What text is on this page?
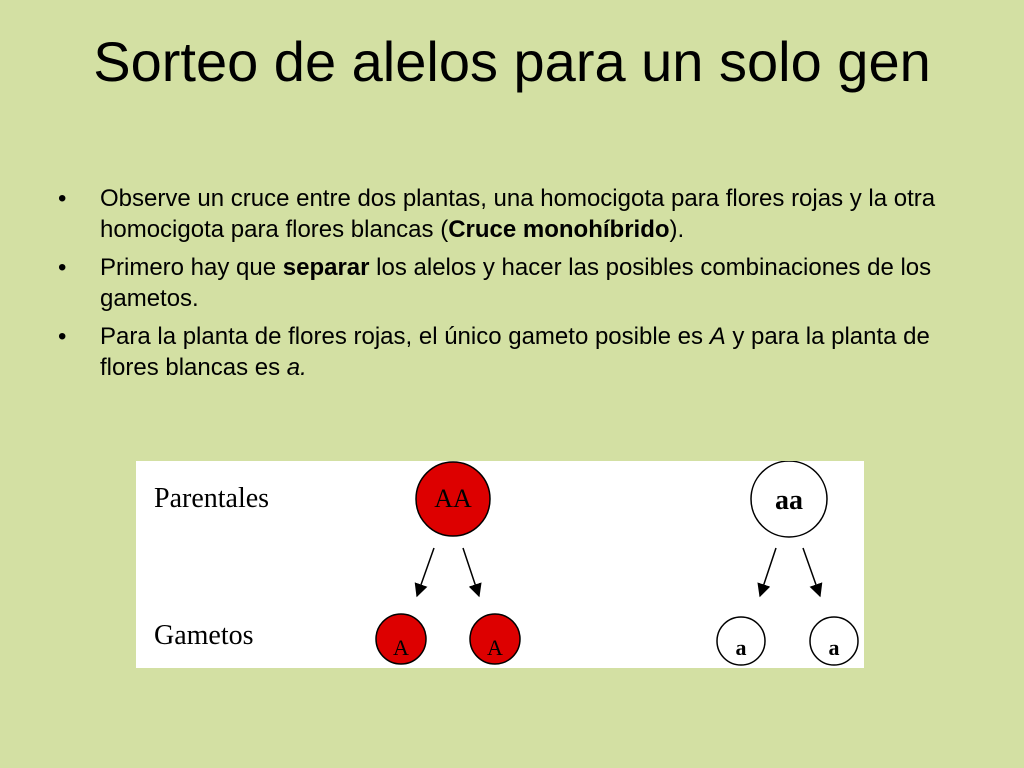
Sorteo de alelos para un solo gen
• Observe un cruce entre dos plantas, una homocigota para flores rojas y la otra homocigota para flores blancas (Cruce monohíbrido).
• Primero hay que separar los alelos y hacer las posibles combinaciones de los gametos.
• Para la planta de flores rojas, el único gameto posible es A y para la planta de flores blancas es a.
Parentales
Gametos
AA	aa
A	A	a	a
